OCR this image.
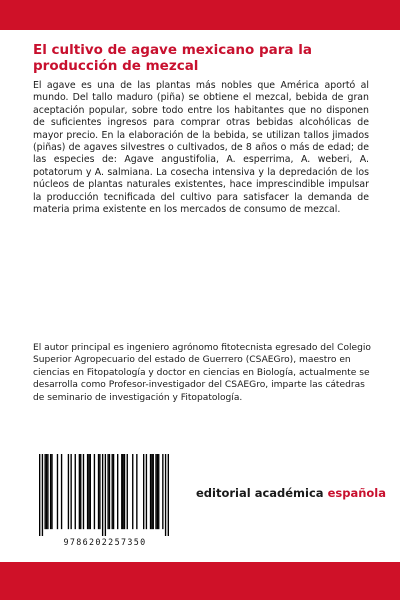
El cultivo de agave mexicano para la producción de mezcal

El agave es una de las plantas más nobles que América aportó al mundo. Del tallo maduro (piña) se obtiene el mezcal, bebida de gran aceptación popular, sobre todo entre los habitantes que no disponen de suficientes ingresos para comprar otras bebidas alcohólicas de mayor precio. En la elaboración de la bebida, se utilizan tallos jimados (piñas) de agaves silvestres o cultivados, de 8 años o más de edad; de las especies de: Agave angustifolia, A. esperrima, A. weberi, A. potatorum y A. salmiana. La cosecha intensiva y la depredación de los núcleos de plantas naturales existentes, hace imprescindible impulsar la producción tecnificada del cultivo para satisfacer la demanda de materia prima existente en los mercados de consumo de mezcal.

El autor principal es ingeniero agrónomo fitotecnista egresado del Colegio Superior Agropecuario del estado de Guerrero (CSAEGro), maestro en ciencias en Fitopatología y doctor en ciencias en Biología, actualmente se desarrolla como Profesor-investigador del CSAEGro, imparte las cátedras de seminario de investigación y Fitopatología.

9786202257350
editorial académica española
